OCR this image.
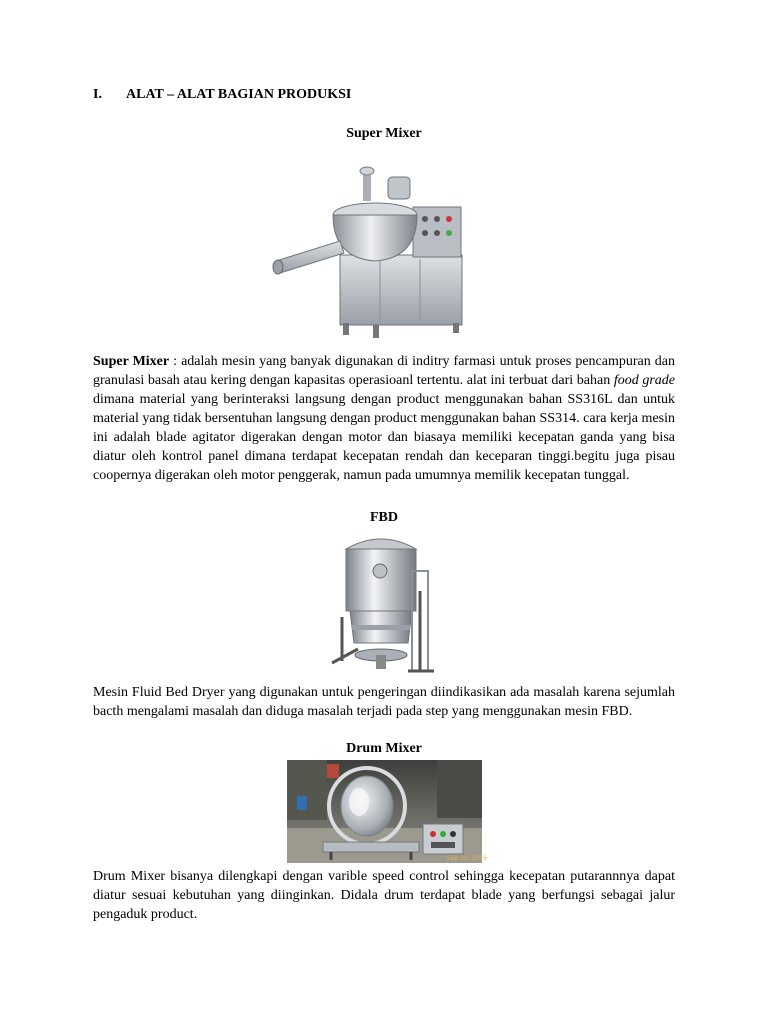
I. ALAT – ALAT BAGIAN PRODUKSI
Super Mixer

Super Mixer : adalah mesin yang banyak digunakan di inditry farmasi untuk proses pencampuran dan granulasi basah atau kering dengan kapasitas operasioanl tertentu. alat ini terbuat dari bahan food grade dimana material yang berinteraksi langsung dengan product menggunakan bahan SS316L dan untuk material yang tidak bersentuhan langsung dengan product menggunakan bahan SS314. cara kerja mesin ini adalah blade agitator digerakan dengan motor dan biasaya memiliki kecepatan ganda yang bisa diatur oleh kontrol panel dimana terdapat kecepatan rendah dan keceparan tinggi.begitu juga pisau coopernya digerakan oleh motor penggerak, namun pada umumnya memilik kecepatan tunggal.

FBD

Mesin Fluid Bed Dryer yang digunakan untuk pengeringan diindikasikan ada masalah karena sejumlah bacth mengalami masalah dan diduga masalah terjadi pada step yang menggunakan mesin FBD.

Drum Mixer
Sep 22, 2016

Drum Mixer bisanya dilengkapi dengan varible speed control sehingga kecepatan putarannnya dapat diatur sesuai kebutuhan yang diinginkan. Didala drum terdapat blade yang berfungsi sebagai jalur pengaduk product.
